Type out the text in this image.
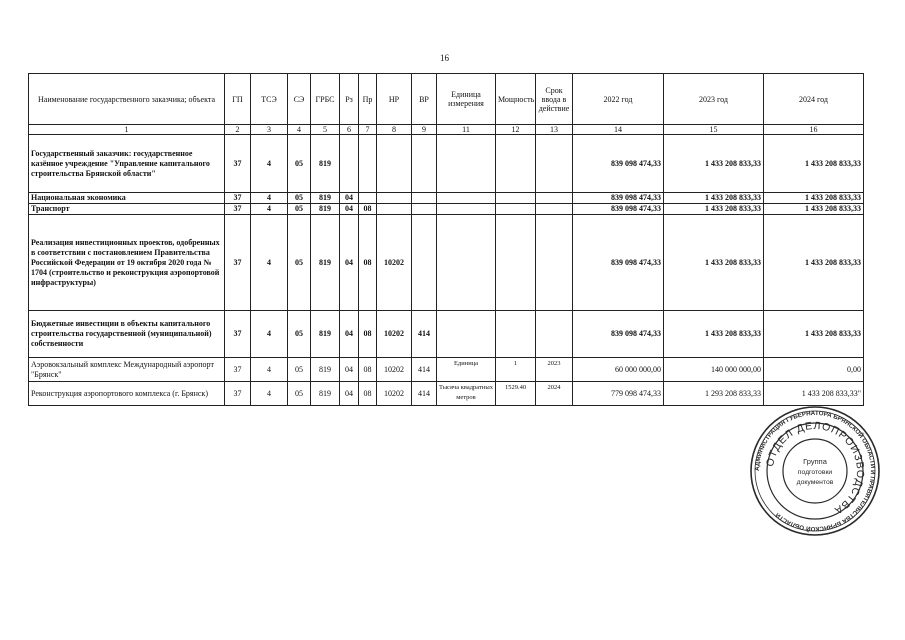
16
Наименование государственного заказчика; объекта	ГП	ТСЭ	СЭ	ГРБС	Рз	Пр	НР	ВР	Единица измерения	Мощность	Срок ввода в действие	2022 год	2023 год	2024 год
1	2	3	4	5	6	7	8	9	11	12	13	14	15	16
Государственный заказчик: государственное казённое учреждение "Управление капитального строительства Брянской области"	37	4	05	819								839 098 474,33	1 433 208 833,33	1 433 208 833,33
Национальная экономика	37	4	05	819	04							839 098 474,33	1 433 208 833,33	1 433 208 833,33
Транспорт	37	4	05	819	04	08						839 098 474,33	1 433 208 833,33	1 433 208 833,33
Реализация инвестиционных проектов, одобренных в соответствии с постановлением Правительства Российской Федерации от 19 октября 2020 года № 1704 (строительство и реконструкция аэропортовой инфраструктуры)	37	4	05	819	04	08	10202					839 098 474,33	1 433 208 833,33	1 433 208 833,33
Бюджетные инвестиции в объекты капитального строительства государственной (муниципальной) собственности	37	4	05	819	04	08	10202	414				839 098 474,33	1 433 208 833,33	1 433 208 833,33
Аэровокзальный комплекс Международный аэропорт "Брянск"	37	4	05	819	04	08	10202	414	Единица	1	2023	60 000 000,00	140 000 000,00	0,00
Реконструкция аэропортового комплекса (г. Брянск)	37	4	05	819	04	08	10202	414	Тысяча квадратных метров	1529.40	2024	779 098 474,33	1 293 208 833,33	1 433 208 833,33"
АДМИНИСТРАЦИЯ ГУБЕРНАТОРА БРЯНСКОЙ ОБЛАСТИ И ПРАВИТЕЛЬСТВА БРЯНСКОЙ ОБЛАСТИ
ОТДЕЛ ДЕЛОПРОИЗВОДСТВА
Группа
подготовки
документов
